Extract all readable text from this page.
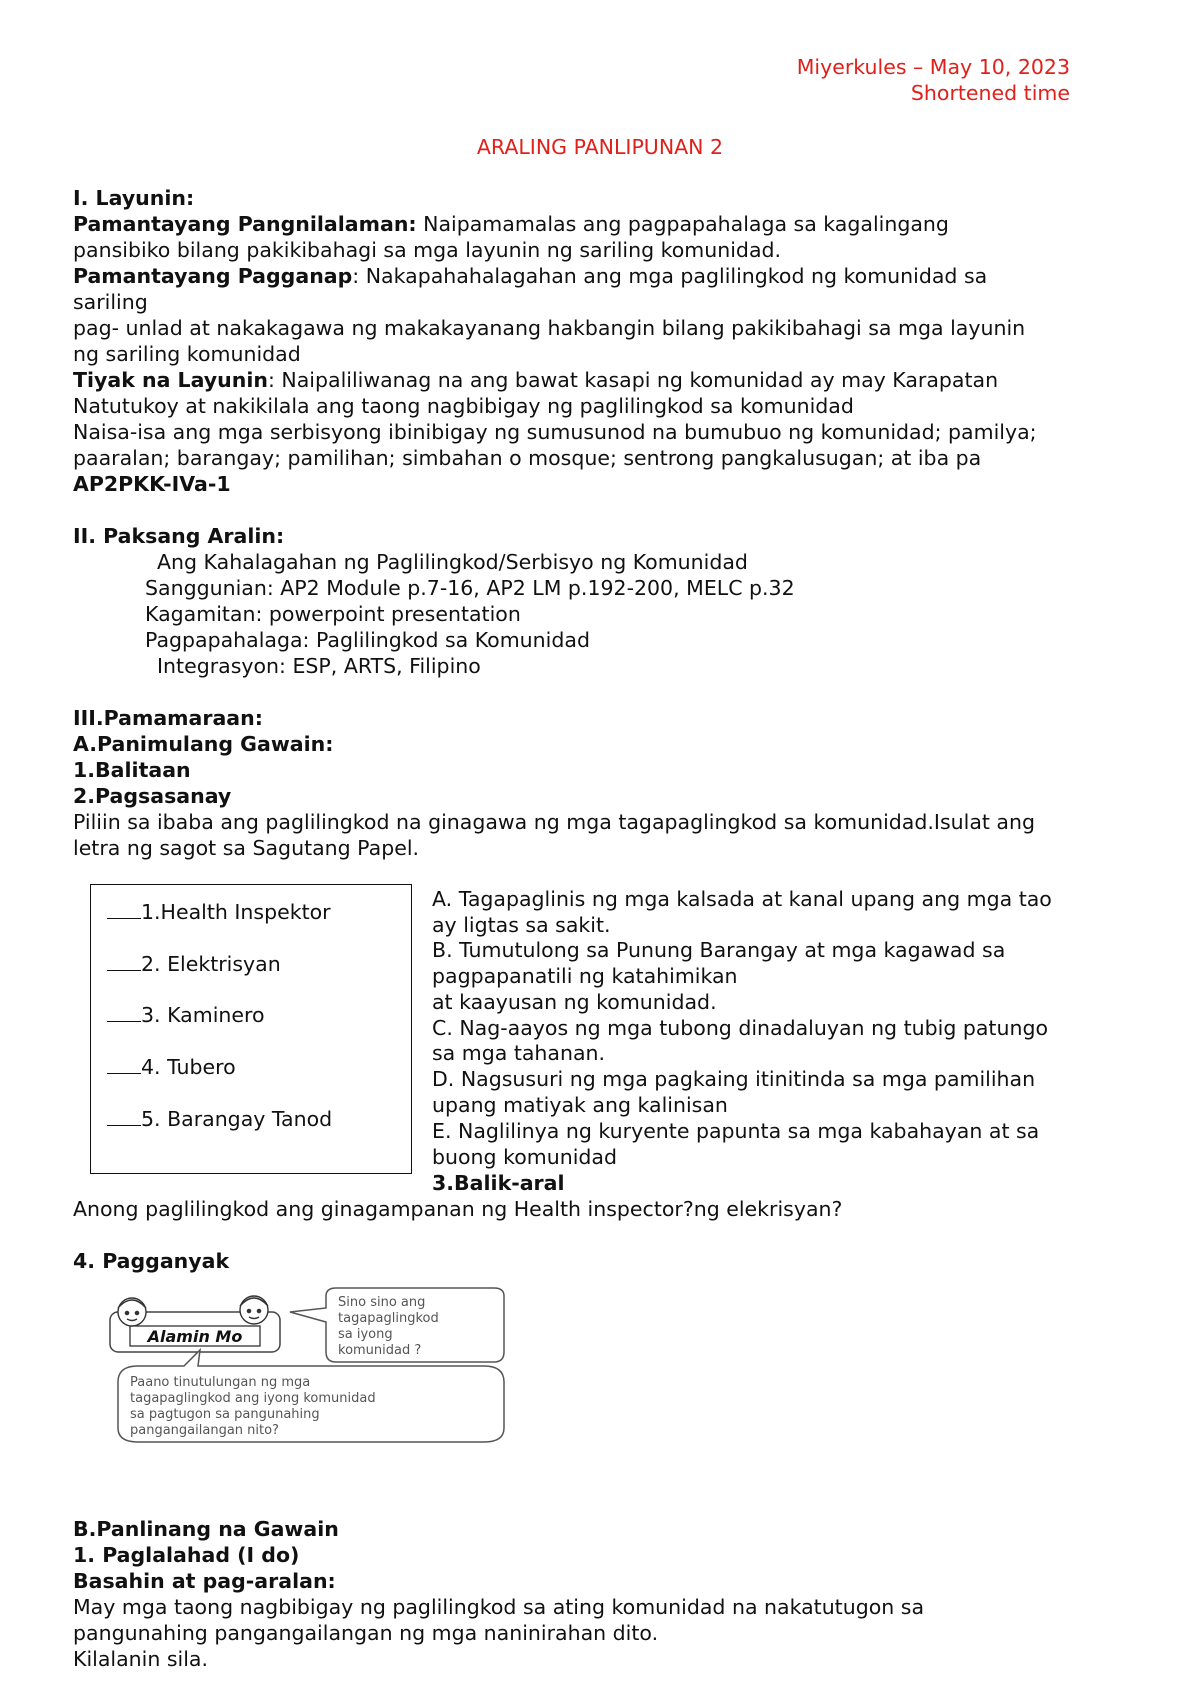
Miyerkules – May 10, 2023
Shortened time
ARALING PANLIPUNAN 2
I. Layunin:
Pamantayang Pangnilalaman: Naipamamalas ang pagpapahalaga sa kagalingang
pansibiko bilang pakikibahagi sa mga layunin ng sariling komunidad.
Pamantayang Pagganap: Nakapahahalagahan ang mga paglilingkod ng komunidad sa
sariling
pag- unlad at nakakagawa ng makakayanang hakbangin bilang pakikibahagi sa mga layunin
ng sariling komunidad
Tiyak na Layunin: Naipaliliwanag na ang bawat kasapi ng komunidad ay may Karapatan
Natutukoy at nakikilala ang taong nagbibigay ng paglilingkod sa komunidad
Naisa-isa ang mga serbisyong ibinibigay ng sumusunod na bumubuo ng komunidad; pamilya;
paaralan; barangay; pamilihan; simbahan o mosque; sentrong pangkalusugan; at iba pa
AP2PKK-IVa-1
II. Paksang Aralin:
Ang Kahalagahan ng Paglilingkod/Serbisyo ng Komunidad
Sanggunian: AP2 Module p.7-16, AP2 LM p.192-200, MELC p.32
Kagamitan: powerpoint presentation
Pagpapahalaga: Paglilingkod sa Komunidad
Integrasyon: ESP, ARTS, Filipino
III.Pamamaraan:
A.Panimulang Gawain:
1.Balitaan
2.Pagsasanay
Piliin sa ibaba ang paglilingkod na ginagawa ng mga tagapaglingkod sa komunidad.Isulat ang
letra ng sagot sa Sagutang Papel.
1.Health Inspektor
2. Elektrisyan
3. Kaminero
4. Tubero
5. Barangay Tanod
A. Tagapaglinis ng mga kalsada at kanal upang ang mga tao
ay ligtas sa sakit.
B. Tumutulong sa Punung Barangay at mga kagawad sa
pagpapanatili ng katahimikan
at kaayusan ng komunidad.
C. Nag-aayos ng mga tubong dinadaluyan ng tubig patungo
sa mga tahanan.
D. Nagsusuri ng mga pagkaing itinitinda sa mga pamilihan
upang matiyak ang kalinisan
E. Naglilinya ng kuryente papunta sa mga kabahayan at sa
buong komunidad
3.Balik-aral
Anong paglilingkod ang ginagampanan ng Health inspector?ng elekrisyan?
4. Pagganyak
Sino sino ang
tagapaglingkod
sa iyong
komunidad ?
Alamin Mo
Paano tinutulungan ng mga
tagapaglingkod ang iyong komunidad
sa pagtugon sa pangunahing
pangangailangan nito?
B.Panlinang na Gawain
1. Paglalahad (I do)
Basahin at pag-aralan:
May mga taong nagbibigay ng paglilingkod sa ating komunidad na nakatutugon sa
pangunahing pangangailangan ng mga naninirahan dito.
Kilalanin sila.
